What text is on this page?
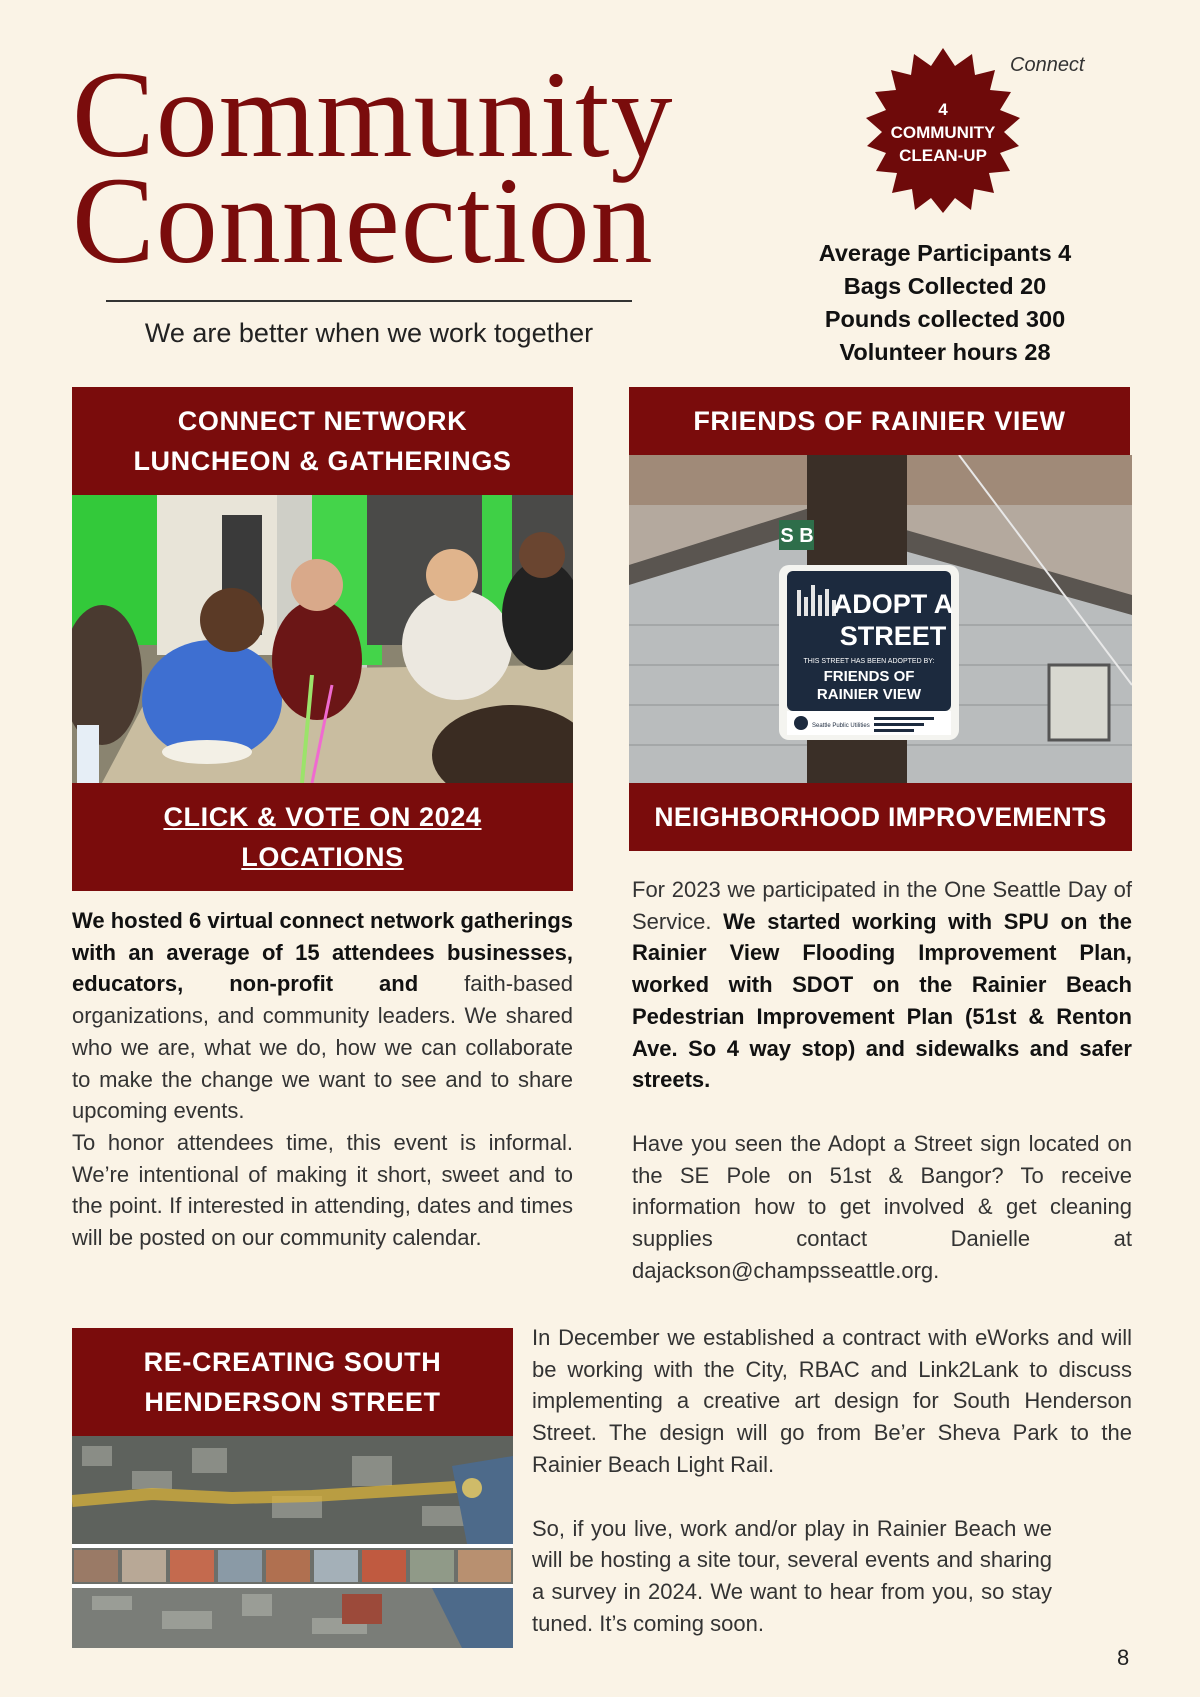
Community
Connection
We are better when we work together
Connect
4
COMMUNITY
CLEAN-UP
Average Participants 4
Bags Collected 20
Pounds collected 300
Volunteer hours 28
CONNECT NETWORK
LUNCHEON & GATHERINGS
CLICK & VOTE ON 2024
LOCATIONS
We hosted 6 virtual connect network gatherings with an average of 15 attendees businesses, educators, non-profit and faith-based organizations, and community leaders. We shared who we are, what we do, how we can collaborate to make the change we want to see and to share upcoming events.
To honor attendees time, this event is informal. We’re intentional of making it short, sweet and to the point. If interested in attending, dates and times will be posted on our community calendar.
FRIENDS OF RAINIER VIEW
S B
ADOPT A
STREET
THIS STREET HAS BEEN ADOPTED BY:
FRIENDS OF
RAINIER VIEW
Seattle Public Utilities
NEIGHBORHOOD IMPROVEMENTS
For 2023 we participated in the One Seattle Day of Service. We started working with SPU on the Rainier View Flooding Improvement Plan, worked with SDOT on the Rainier Beach Pedestrian Improvement Plan (51st & Renton Ave. So 4 way stop) and sidewalks and safer streets.
Have you seen the Adopt a Street sign located on the SE Pole on 51st & Bangor? To receive information how to get involved & get cleaning supplies contact Danielle at dajackson@champsseattle.org.
RE-CREATING SOUTH
HENDERSON STREET
In December we established a contract with eWorks and will be working with the City, RBAC and Link2Lank to discuss implementing a creative art design for South Henderson Street. The design will go from Be’er Sheva Park to the Rainier Beach Light Rail.
So, if you live, work and/or play in Rainier Beach we will be hosting a site tour, several events and sharing a survey in 2024. We want to hear from you, so stay tuned. It’s coming soon.
8
